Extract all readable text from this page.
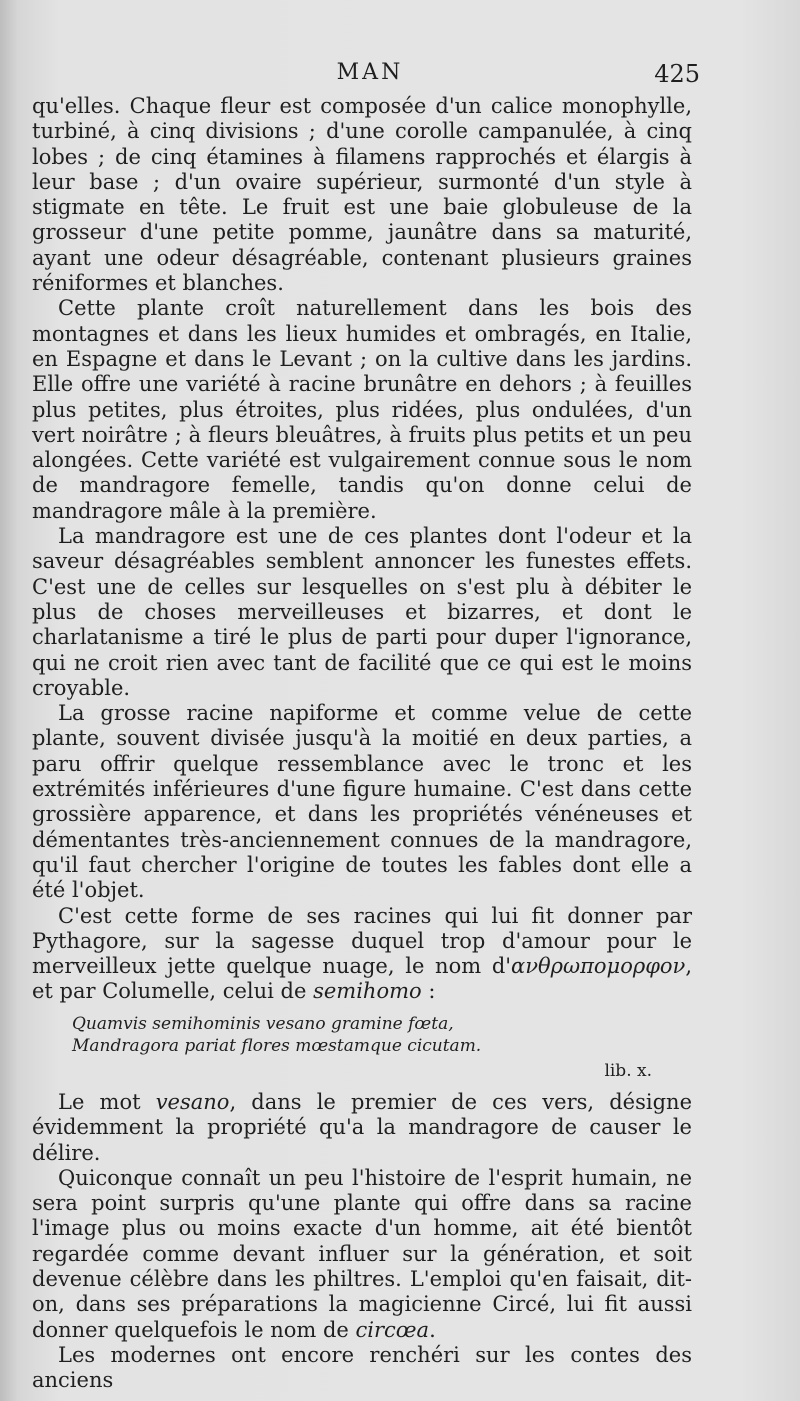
MAN	425

qu'elles. Chaque fleur est composée d'un calice monophylle, turbiné, à cinq divisions ; d'une corolle campanulée, à cinq lobes ; de cinq étamines à filamens rapprochés et élargis à leur base ; d'un ovaire supérieur, surmonté d'un style à stigmate en tête. Le fruit est une baie globuleuse de la grosseur d'une petite pomme, jaunâtre dans sa maturité, ayant une odeur désagréable, contenant plusieurs graines réniformes et blanches.

Cette plante croît naturellement dans les bois des montagnes et dans les lieux humides et ombragés, en Italie, en Espagne et dans le Levant ; on la cultive dans les jardins. Elle offre une variété à racine brunâtre en dehors ; à feuilles plus petites, plus étroites, plus ridées, plus ondulées, d'un vert noirâtre ; à fleurs bleuâtres, à fruits plus petits et un peu alongées. Cette variété est vulgairement connue sous le nom de mandragore femelle, tandis qu'on donne celui de mandragore mâle à la première.

La mandragore est une de ces plantes dont l'odeur et la saveur désagréables semblent annoncer les funestes effets. C'est une de celles sur lesquelles on s'est plu à débiter le plus de choses merveilleuses et bizarres, et dont le charlatanisme a tiré le plus de parti pour duper l'ignorance, qui ne croit rien avec tant de facilité que ce qui est le moins croyable.

La grosse racine napiforme et comme velue de cette plante, souvent divisée jusqu'à la moitié en deux parties, a paru offrir quelque ressemblance avec le tronc et les extrémités inférieures d'une figure humaine. C'est dans cette grossière apparence, et dans les propriétés vénéneuses et démentantes très-anciennement connues de la mandragore, qu'il faut chercher l'origine de toutes les fables dont elle a été l'objet.

C'est cette forme de ses racines qui lui fit donner par Pythagore, sur la sagesse duquel trop d'amour pour le merveilleux jette quelque nuage, le nom d'ανθρωπομορφον, et par Columelle, celui de semihomo :

Quamvis semihominis vesano gramine fœta,
Mandragora pariat flores mœstamque cicutam.
lib. x.

Le mot vesano, dans le premier de ces vers, désigne évidemment la propriété qu'a la mandragore de causer le délire.

Quiconque connaît un peu l'histoire de l'esprit humain, ne sera point surpris qu'une plante qui offre dans sa racine l'image plus ou moins exacte d'un homme, ait été bientôt regardée comme devant influer sur la génération, et soit devenue célèbre dans les philtres. L'emploi qu'en faisait, dit-on, dans ses préparations la magicienne Circé, lui fit aussi donner quelquefois le nom de circœa.

Les modernes ont encore renchéri sur les contes des anciens
